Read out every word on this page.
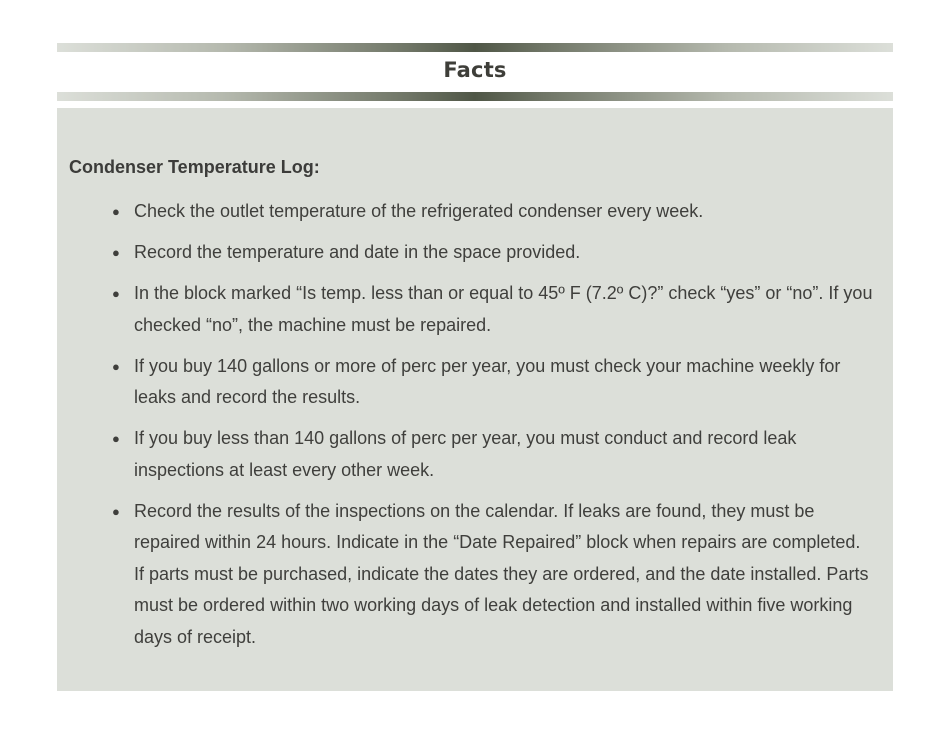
Facts
Condenser Temperature Log:
● Check the outlet temperature of the refrigerated condenser every week.
● Record the temperature and date in the space provided.
● In the block marked “Is temp. less than or equal to 45º F (7.2º C)?” check “yes” or “no”. If you checked “no”, the machine must be repaired.
● If you buy 140 gallons or more of perc per year, you must check your machine weekly for leaks and record the results.
● If you buy less than 140 gallons of perc per year, you must conduct and record leak inspections at least every other week.
● Record the results of the inspections on the calendar. If leaks are found, they must be repaired within 24 hours. Indicate in the “Date Repaired” block when repairs are completed. If parts must be purchased, indicate the dates they are ordered, and the date installed. Parts must be ordered within two working days of leak detection and installed within five working days of receipt.
